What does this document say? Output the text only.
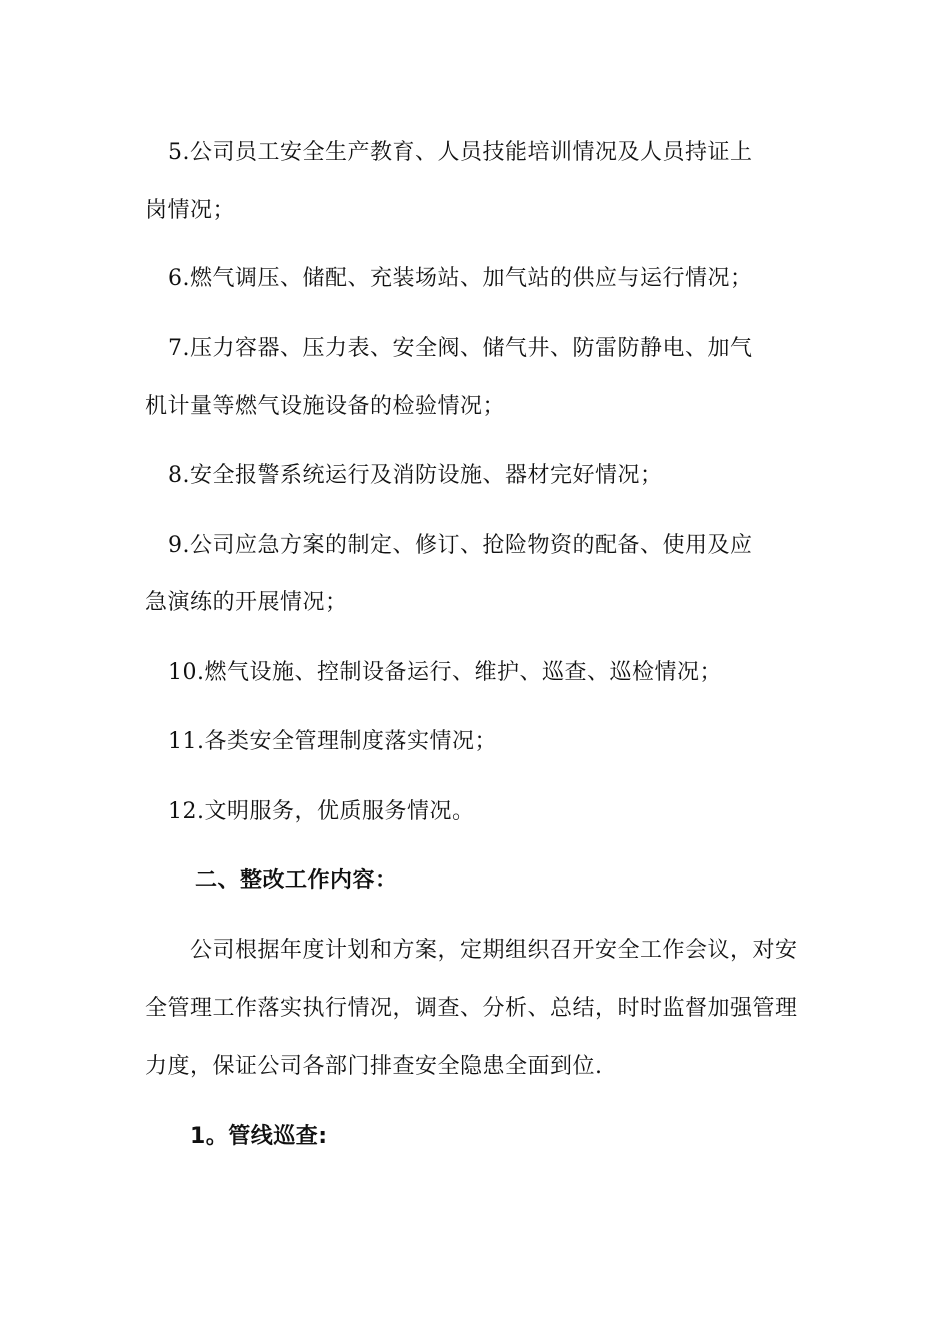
5.公司员工安全生产教育、人员技能培训情况及人员持证上
岗情况；
6.燃气调压、储配、充装场站、加气站的供应与运行情况；
7.压力容器、压力表、安全阀、储气井、防雷防静电、加气
机计量等燃气设施设备的检验情况；
8.安全报警系统运行及消防设施、器材完好情况；
9.公司应急方案的制定、修订、抢险物资的配备、使用及应
急演练的开展情况；
10.燃气设施、控制设备运行、维护、巡查、巡检情况；
11.各类安全管理制度落实情况；
12.文明服务，优质服务情况。
二、整改工作内容：
公司根据年度计划和方案，定期组织召开安全工作会议，对安
全管理工作落实执行情况，调查、分析、总结，时时监督加强管理
力度，保证公司各部门排查安全隐患全面到位.
1。管线巡查:
